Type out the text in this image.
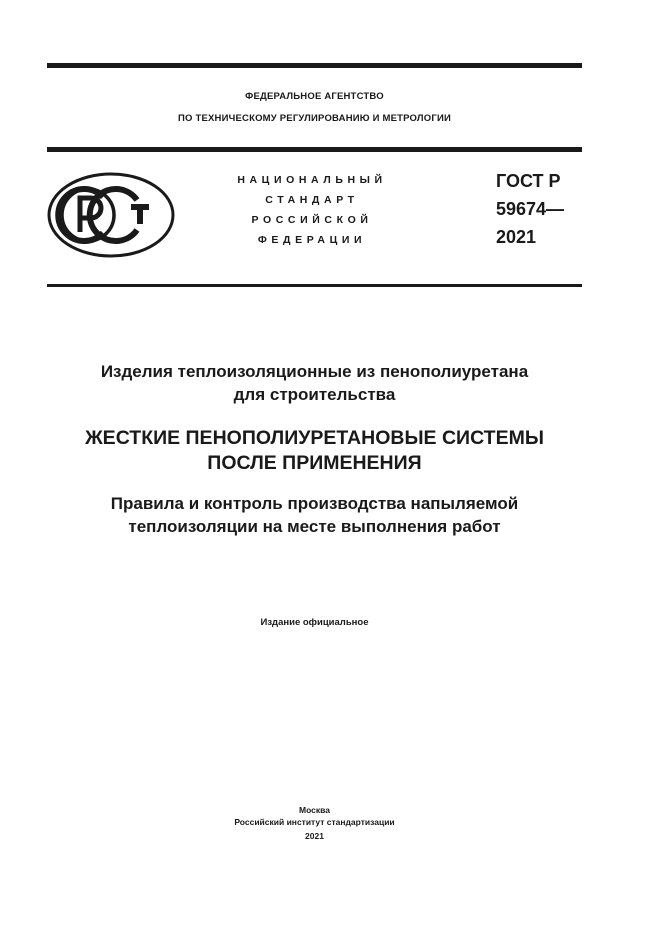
ФЕДЕРАЛЬНОЕ АГЕНТСТВО
ПО ТЕХНИЧЕСКОМУ РЕГУЛИРОВАНИЮ И МЕТРОЛОГИИ
НАЦИОНАЛЬНЫЙ
СТАНДАРТ
РОССИЙСКОЙ
ФЕДЕРАЦИИ
ГОСТ Р
59674—
2021
Изделия теплоизоляционные из пенополиуретана
для строительства
ЖЕСТКИЕ ПЕНОПОЛИУРЕТАНОВЫЕ СИСТЕМЫ
ПОСЛЕ ПРИМЕНЕНИЯ
Правила и контроль производства напыляемой
теплоизоляции на месте выполнения работ
Издание официальное
Москва
Российский институт стандартизации
2021
